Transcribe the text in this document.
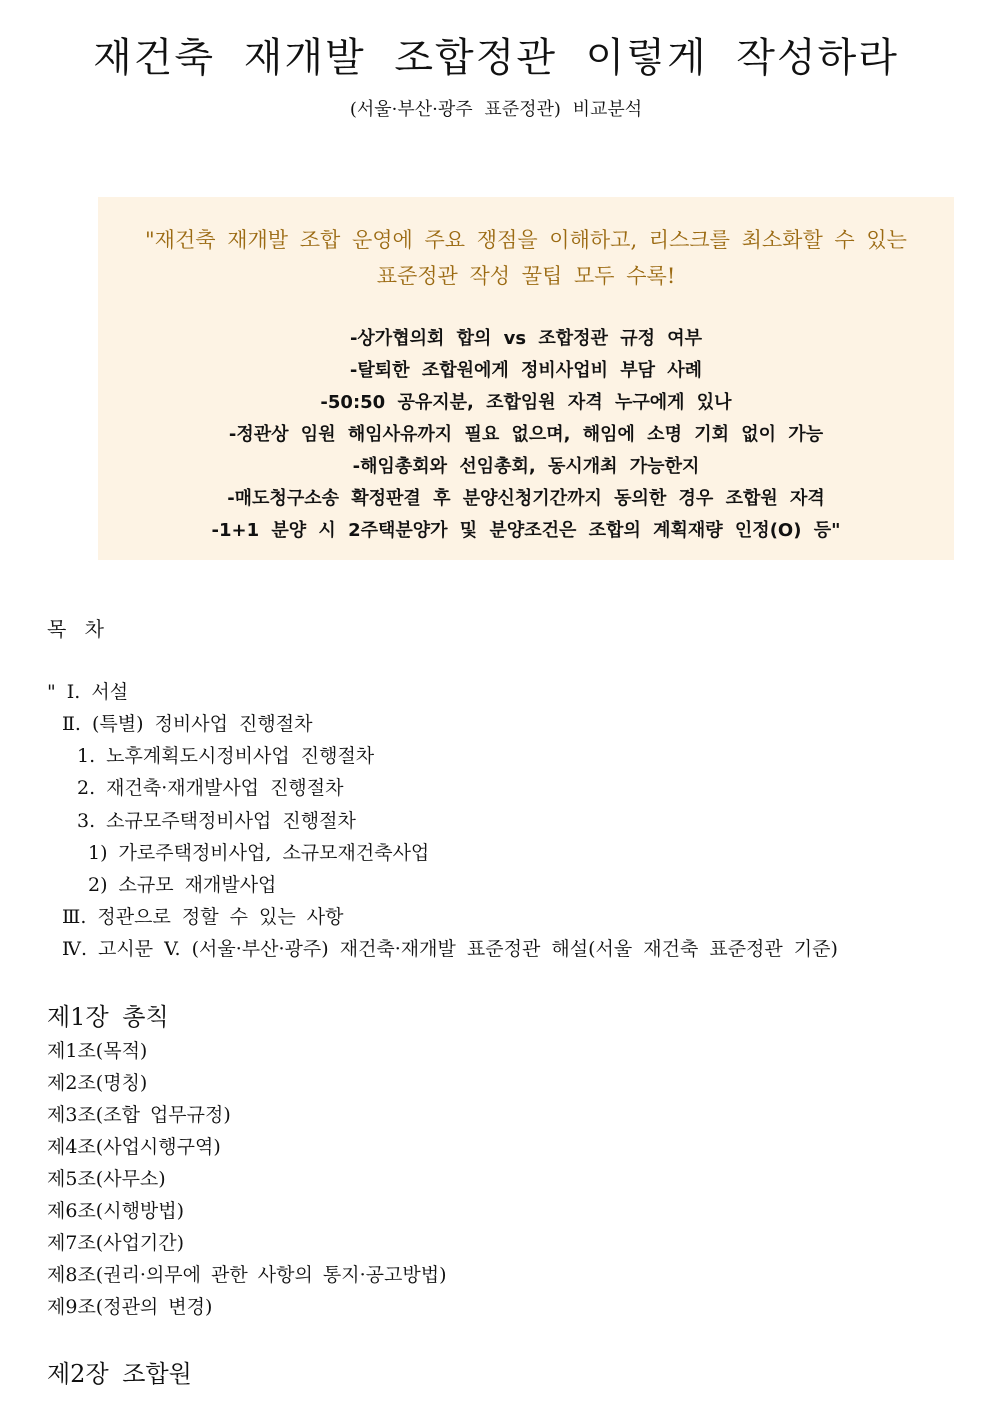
재건축 재개발 조합정관 이렇게 작성하라
(서울·부산·광주 표준정관) 비교분석
"재건축 재개발 조합 운영에 주요 쟁점을 이해하고, 리스크를 최소화할 수 있는
표준정관 작성 꿀팁 모두 수록!
-상가협의회 합의 vs 조합정관 규정 여부
-탈퇴한 조합원에게 정비사업비 부담 사례
-50:50 공유지분, 조합임원 자격 누구에게 있나
-정관상 임원 해임사유까지 필요 없으며, 해임에 소명 기회 없이 가능
-해임총회와 선임총회, 동시개최 가능한지
-매도청구소송 확정판결 후 분양신청기간까지 동의한 경우 조합원 자격
-1+1 분양 시 2주택분양가 및 분양조건은 조합의 계획재량 인정(O) 등"
목 차
" Ⅰ. 서설
Ⅱ. (특별) 정비사업 진행절차
1. 노후계획도시정비사업 진행절차
2. 재건축·재개발사업 진행절차
3. 소규모주택정비사업 진행절차
1) 가로주택정비사업, 소규모재건축사업
2) 소규모 재개발사업
Ⅲ. 정관으로 정할 수 있는 사항
Ⅳ. 고시문 V. (서울·부산·광주) 재건축·재개발 표준정관 해설(서울 재건축 표준정관 기준)
제1장 총칙
제1조(목적)
제2조(명칭)
제3조(조합 업무규정)
제4조(사업시행구역)
제5조(사무소)
제6조(시행방법)
제7조(사업기간)
제8조(권리·의무에 관한 사항의 통지·공고방법)
제9조(정관의 변경)
제2장 조합원
